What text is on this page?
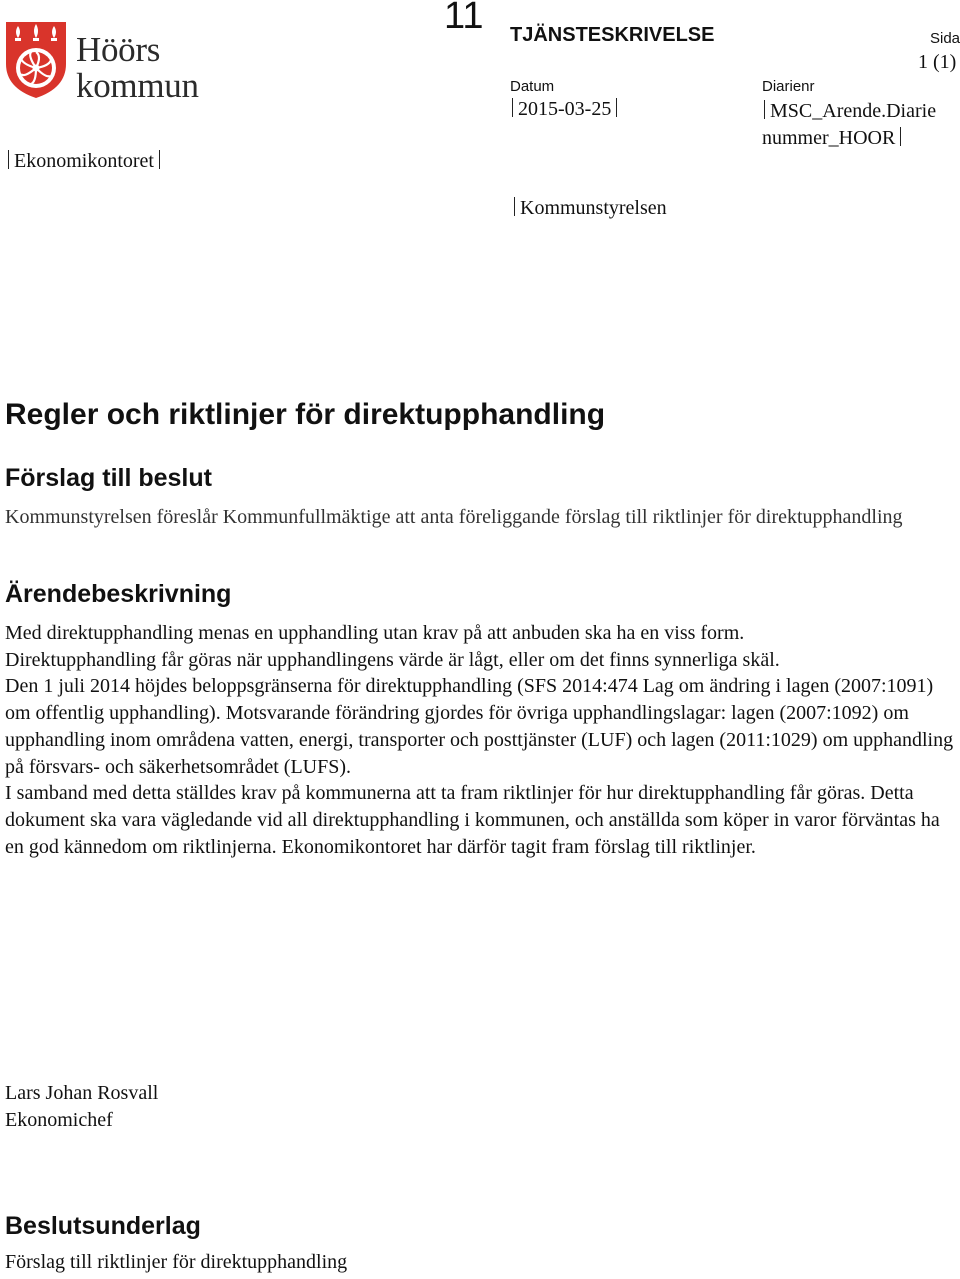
Höörs
kommun
11 TJÄNSTESKRIVELSE	Sida
1 (1)
Datum
2015-03-25
Diarienr
MSC_Arende.Diarie
nummer_HOOR
Ekonomikontoret
Kommunstyrelsen
Regler och riktlinjer för direktupphandling
Förslag till beslut
Kommunstyrelsen föreslår Kommunfullmäktige att anta föreliggande förslag till riktlinjer för direktupphandling
Ärendebeskrivning

Med direktupphandling menas en upphandling utan krav på att anbuden ska ha en viss form.

Direktupphandling får göras när upphandlingens värde är lågt, eller om det finns synnerliga skäl.

Den 1 juli 2014 höjdes beloppsgränserna för direktupphandling (SFS 2014:474 Lag om ändring i lagen (2007:1091) om offentlig upphandling). Motsvarande förändring gjordes för övriga upphandlingslagar: lagen (2007:1092) om upphandling inom områdena vatten, energi, transporter och posttjänster (LUF) och lagen (2011:1029) om upphandling på försvars- och säkerhetsområdet (LUFS).

I samband med detta ställdes krav på kommunerna att ta fram riktlinjer för hur direktupphandling får göras. Detta dokument ska vara vägledande vid all direktupphandling i kommunen, och anställda som köper in varor förväntas ha en god kännedom om riktlinjerna. Ekonomikontoret har därför tagit fram förslag till riktlinjer.

Lars Johan Rosvall
Ekonomichef
Beslutsunderlag
Förslag till riktlinjer för direktupphandling
